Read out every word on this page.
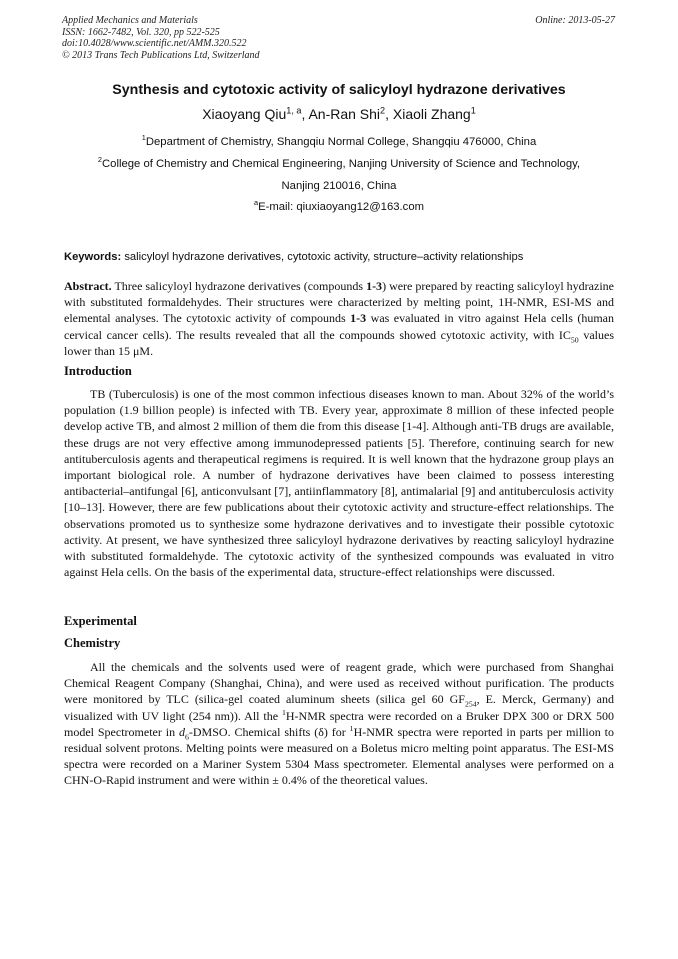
Applied Mechanics and Materials
ISSN: 1662-7482, Vol. 320, pp 522-525
doi:10.4028/www.scientific.net/AMM.320.522
© 2013 Trans Tech Publications Ltd, Switzerland
Online: 2013-05-27
Synthesis and cytotoxic activity of salicyloyl hydrazone derivatives
Xiaoyang Qiu$^{1, a}$, An-Ran Shi$^2$, Xiaoli Zhang$^1$
$^1$Department of Chemistry, Shangqiu Normal College, Shangqiu 476000, China
$^2$College of Chemistry and Chemical Engineering, Nanjing University of Science and Technology,
Nanjing 210016, China
$^a$E-mail: qiuxiaoyang12@163.com
Keywords: salicyloyl hydrazone derivatives, cytotoxic activity, structure–activity relationships
Abstract. Three salicyloyl hydrazone derivatives (compounds 1-3) were prepared by reacting salicyloyl hydrazine with substituted formaldehydes. Their structures were characterized by melting point, 1H-NMR, ESI-MS and elemental analyses. The cytotoxic activity of compounds 1-3 was evaluated in vitro against Hela cells (human cervical cancer cells). The results revealed that all the compounds showed cytotoxic activity, with $IC_{50}$ values lower than 15 μM.
Introduction
TB (Tuberculosis) is one of the most common infectious diseases known to man. About 32% of the world’s population (1.9 billion people) is infected with TB. Every year, approximate 8 million of these infected people develop active TB, and almost 2 million of them die from this disease [1-4]. Although anti-TB drugs are available, these drugs are not very effective among immunodepressed patients [5]. Therefore, continuing search for new antituberculosis agents and therapeutical regimens is required. It is well known that the hydrazone group plays an important biological role. A number of hydrazone derivatives have been claimed to possess interesting antibacterial–antifungal [6], anticonvulsant [7], antiinflammatory [8], antimalarial [9] and antituberculosis activity [10–13]. However, there are few publications about their cytotoxic activity and structure-effect relationships. The observations promoted us to synthesize some hydrazone derivatives and to investigate their possible cytotoxic activity. At present, we have synthesized three salicyloyl hydrazone derivatives by reacting salicyloyl hydrazine with substituted formaldehyde. The cytotoxic activity of the synthesized compounds was evaluated in vitro against Hela cells. On the basis of the experimental data, structure-effect relationships were discussed.
Experimental
Chemistry
All the chemicals and the solvents used were of reagent grade, which were purchased from Shanghai Chemical Reagent Company (Shanghai, China), and were used as received without purification. The products were monitored by TLC (silica-gel coated aluminum sheets (silica gel 60 $GF_{254}$, E. Merck, Germany) and visualized with UV light (254 nm)). All the $^1$H-NMR spectra were recorded on a Bruker DPX 300 or DRX 500 model Spectrometer in $d_6$-DMSO. Chemical shifts (δ) for $^1$H-NMR spectra were reported in parts per million to residual solvent protons. Melting points were measured on a Boletus micro melting point apparatus. The ESI-MS spectra were recorded on a Mariner System 5304 Mass spectrometer. Elemental analyses were performed on a CHN-O-Rapid instrument and were within ± 0.4% of the theoretical values.
